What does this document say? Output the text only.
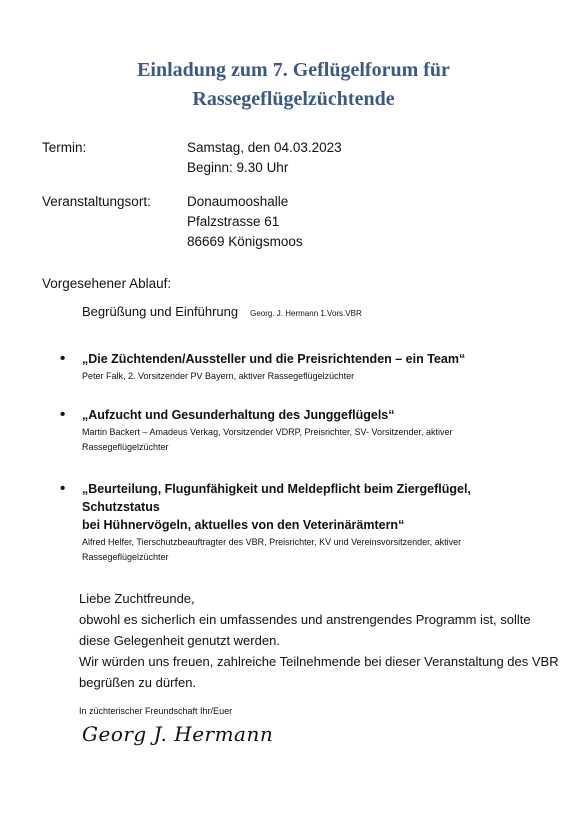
Einladung zum 7. Geflügelforum für
Rassegeflügelzüchtende
Termin:	Samstag, den 04.03.2023
Beginn: 9.30 Uhr
Veranstaltungsort:	Donaumooshalle
Pfalzstrasse 61
86669 Königsmoos
Vorgesehener Ablauf:
Begrüßung und Einführung Georg. J. Hermann 1.Vors.VBR
• „Die Züchtenden/Aussteller und die Preisrichtenden – ein Team“
Peter Falk, 2. Vorsitzender PV Bayern, aktiver Rassegeflügelzüchter
• „Aufzucht und Gesunderhaltung des Junggeflügels“
Martin Backert – Amadeus Verkag, Vorsitzender VDRP, Preisrichter, SV- Vorsitzender, aktiver
Rassegeflügelzüchter
• „Beurteilung, Flugunfähigkeit und Meldepflicht beim Ziergeflügel, Schutzstatus
bei Hühnervögeln, aktuelles von den Veterinärämtern“
Alfred Helfer, Tierschutzbeauftragter des VBR, Preisrichter, KV und Vereinsvorsitzender, aktiver
Rassegeflügelzüchter
Liebe Zuchtfreunde,
obwohl es sicherlich ein umfassendes und anstrengendes Programm ist, sollte
diese Gelegenheit genutzt werden.
Wir würden uns freuen, zahlreiche Teilnehmende bei dieser Veranstaltung des VBR
begrüßen zu dürfen.
In züchterischer Freundschaft Ihr/Euer
Georg J. Hermann
